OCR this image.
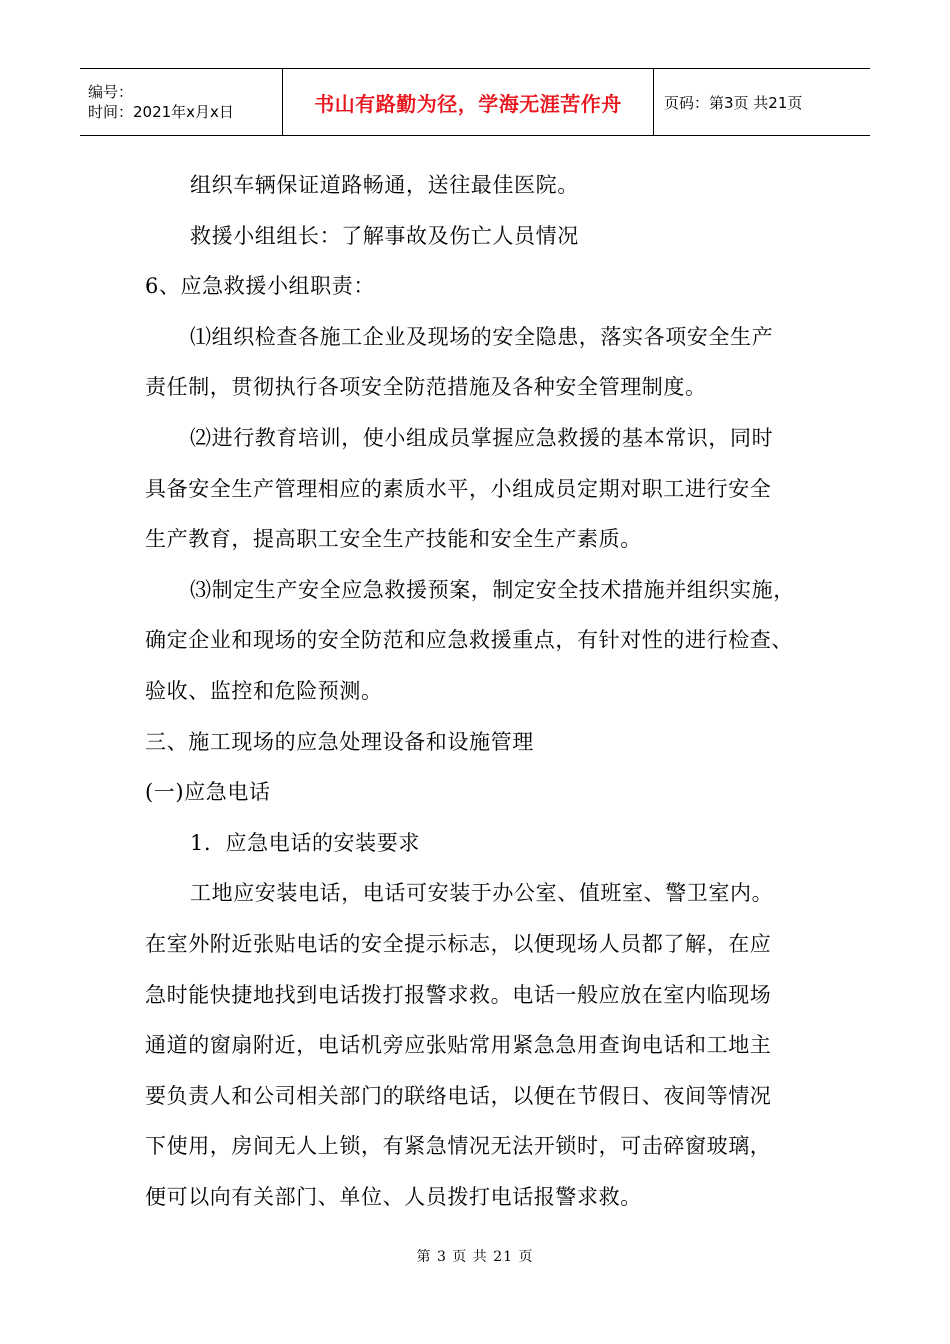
编号：
时间：2021年x月x日	书山有路勤为径，学海无涯苦作舟	页码：第3页 共21页
组织车辆保证道路畅通，送往最佳医院。
救援小组组长：了解事故及伤亡人员情况
6、应急救援小组职责：
⑴组织检查各施工企业及现场的安全隐患，落实各项安全生产
责任制，贯彻执行各项安全防范措施及各种安全管理制度。
⑵进行教育培训，使小组成员掌握应急救援的基本常识，同时
具备安全生产管理相应的素质水平，小组成员定期对职工进行安全
生产教育，提高职工安全生产技能和安全生产素质。
⑶制定生产安全应急救援预案，制定安全技术措施并组织实施，
确定企业和现场的安全防范和应急救援重点，有针对性的进行检查、
验收、监控和危险预测。
三、施工现场的应急处理设备和设施管理
(一)应急电话
1．应急电话的安装要求
工地应安装电话，电话可安装于办公室、值班室、警卫室内。
在室外附近张贴电话的安全提示标志，以便现场人员都了解，在应
急时能快捷地找到电话拨打报警求救。电话一般应放在室内临现场
通道的窗扇附近，电话机旁应张贴常用紧急急用查询电话和工地主
要负责人和公司相关部门的联络电话，以便在节假日、夜间等情况
下使用，房间无人上锁，有紧急情况无法开锁时，可击碎窗玻璃，
便可以向有关部门、单位、人员拨打电话报警求救。
第 3 页 共 21 页
